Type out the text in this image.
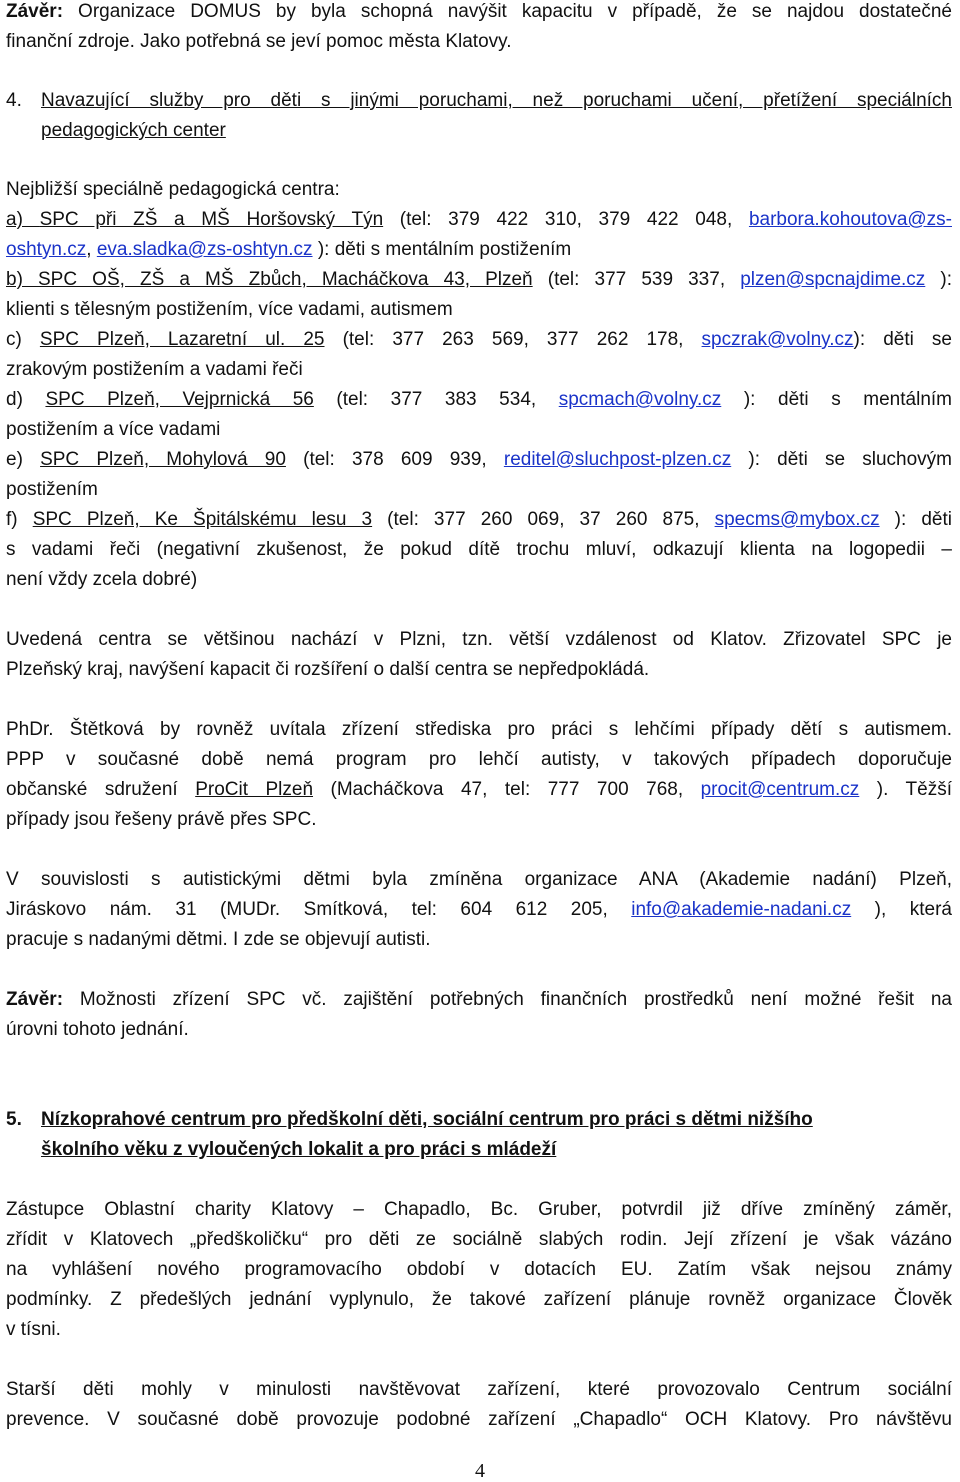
Závěr: Organizace DOMUS by byla schopná navýšit kapacitu v případě, že se najdou dostatečné
finanční zdroje. Jako potřebná se jeví pomoc města Klatovy.
4. Navazující služby pro děti s jinými poruchami, než poruchami učení, přetížení speciálních
pedagogických center
Nejbližší speciálně pedagogická centra:
a) SPC při ZŠ a MŠ Horšovský Týn (tel: 379 422 310, 379 422 048, barbora.kohoutova@zs-
oshtyn.cz, eva.sladka@zs-oshtyn.cz ): děti s mentálním postižením
b) SPC OŠ, ZŠ a MŠ Zbůch, Macháčkova 43, Plzeň (tel: 377 539 337, plzen@spcnajdime.cz ):
klienti s tělesným postižením, více vadami, autismem
c) SPC Plzeň, Lazaretní ul. 25 (tel: 377 263 569, 377 262 178, spczrak@volny.cz): děti se
zrakovým postižením a vadami řeči
d) SPC Plzeň, Vejprnická 56 (tel: 377 383 534, spcmach@volny.cz ): děti s mentálním
postižením a více vadami
e) SPC Plzeň, Mohylová 90 (tel: 378 609 939, reditel@sluchpost-plzen.cz ): děti se sluchovým
postižením
f) SPC Plzeň, Ke Špitálskému lesu 3 (tel: 377 260 069, 37 260 875, specms@mybox.cz ): děti
s vadami řeči (negativní zkušenost, že pokud dítě trochu mluví, odkazují klienta na logopedii –
není vždy zcela dobré)
Uvedená centra se většinou nachází v Plzni, tzn. větší vzdálenost od Klatov. Zřizovatel SPC je
Plzeňský kraj, navýšení kapacit či rozšíření o další centra se nepředpokládá.
PhDr. Štětková by rovněž uvítala zřízení střediska pro práci s lehčími případy dětí s autismem.
PPP v současné době nemá program pro lehčí autisty, v takových případech doporučuje
občanské sdružení ProCit Plzeň (Macháčkova 47, tel: 777 700 768, procit@centrum.cz ). Těžší
případy jsou řešeny právě přes SPC.
V souvislosti s autistickými dětmi byla zmíněna organizace ANA (Akademie nadání) Plzeň,
Jiráskovo nám. 31 (MUDr. Smítková, tel: 604 612 205, info@akademie-nadani.cz ), která
pracuje s nadanými dětmi. I zde se objevují autisti.
Závěr: Možnosti zřízení SPC vč. zajištění potřebných finančních prostředků není možné řešit na
úrovni tohoto jednání.
5. Nízkoprahové centrum pro předškolní děti, sociální centrum pro práci s dětmi nižšího
školního věku z vyloučených lokalit a pro práci s mládeží
Zástupce Oblastní charity Klatovy – Chapadlo, Bc. Gruber, potvrdil již dříve zmíněný záměr,
zřídit v Klatovech „předškoličku“ pro děti ze sociálně slabých rodin. Její zřízení je však vázáno
na vyhlášení nového programovacího období v dotacích EU. Zatím však nejsou známy
podmínky. Z předešlých jednání vyplynulo, že takové zařízení plánuje rovněž organizace Člověk
v tísni.
Starší děti mohly v minulosti navštěvovat zařízení, které provozovalo Centrum sociální
prevence. V současné době provozuje podobné zařízení „Chapadlo“ OCH Klatovy. Pro návštěvu
4
